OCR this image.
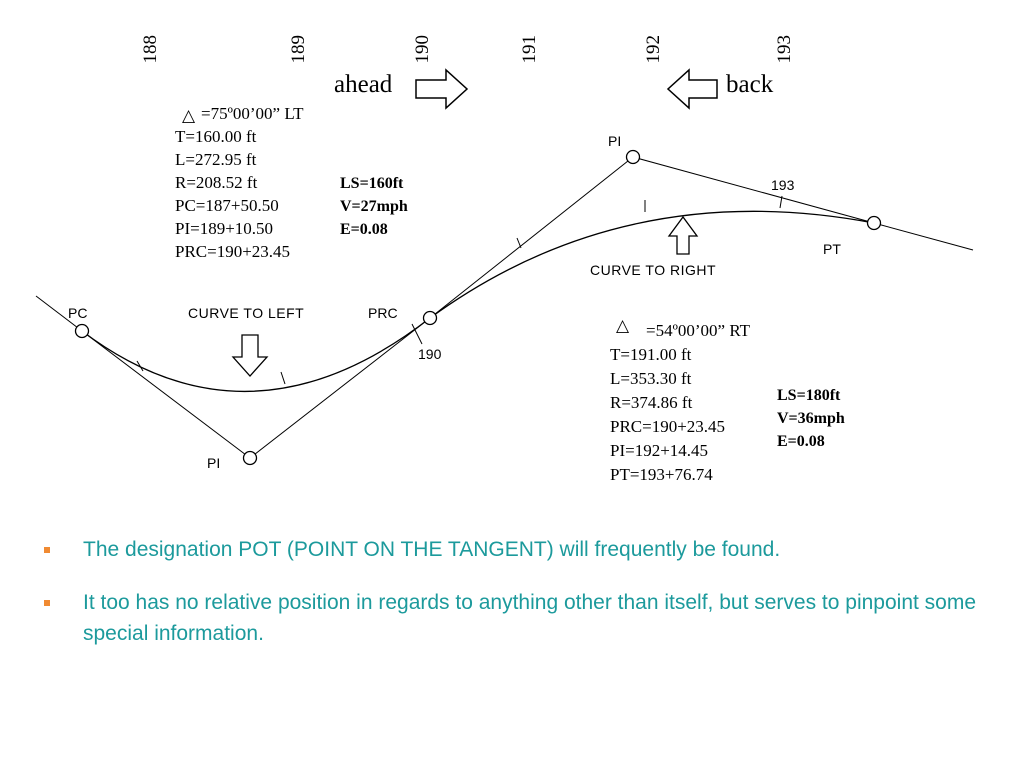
188	189	190	191	192	193
ahead	back
PC
PI
PRC
PI
PT
190
193
△ =75º00’00” LT
T=160.00 ft
L=272.95 ft
R=208.52 ft
PC=187+50.50
PI=189+10.50
PRC=190+23.45
LS=160ft
V=27mph
E=0.08
CURVE TO LEFT
CURVE TO RIGHT
△ =54º00’00” RT
T=191.00 ft
L=353.30 ft
R=374.86 ft
PRC=190+23.45
PI=192+14.45
PT=193+76.74
LS=180ft
V=36mph
E=0.08
The designation POT (POINT ON THE TANGENT) will frequently be found.
It too has no relative position in regards to anything other than itself, but serves to pinpoint some special information.
